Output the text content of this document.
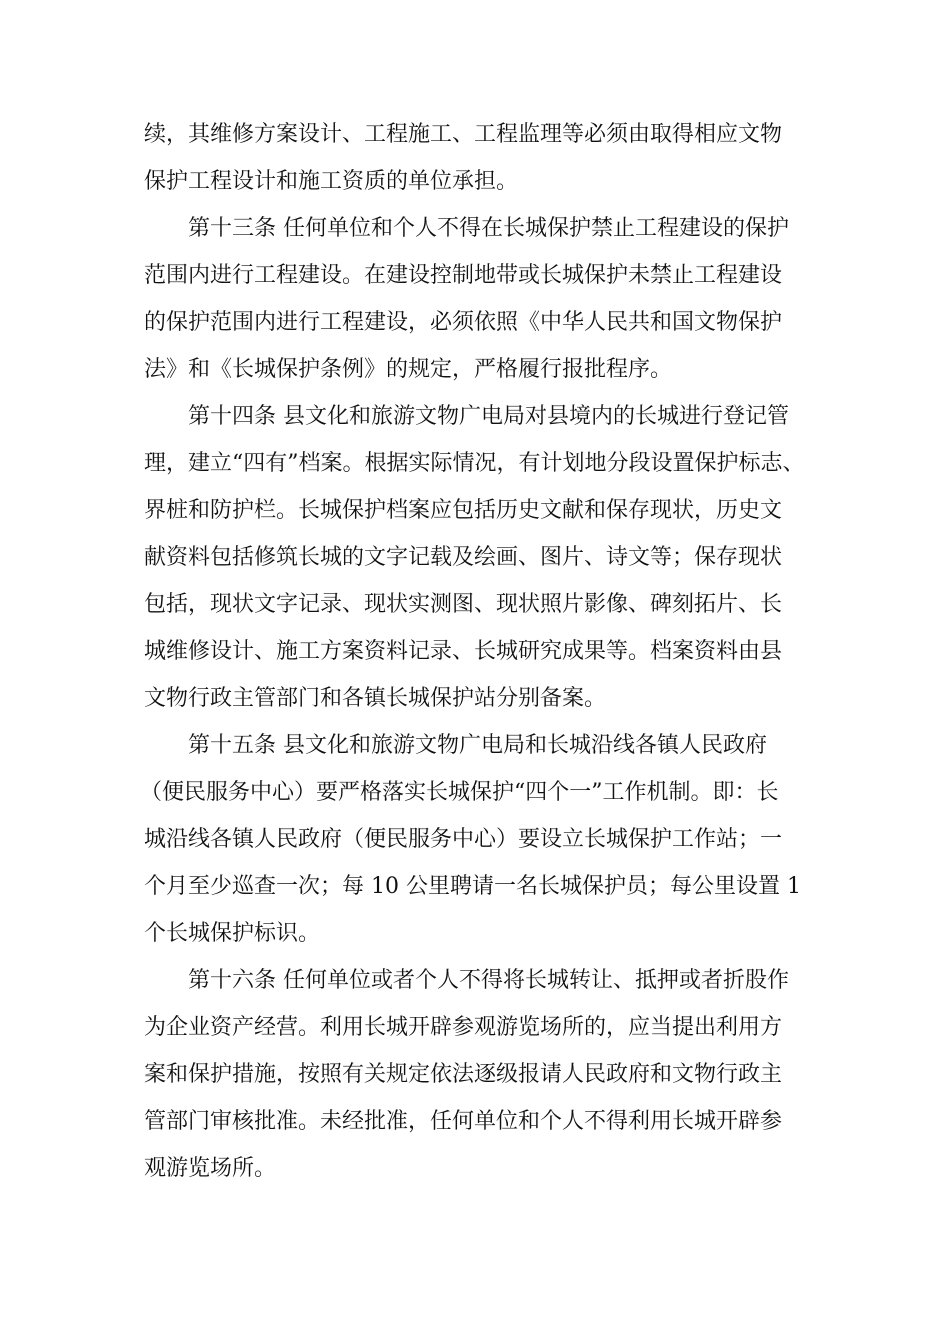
续，其维修方案设计、工程施工、工程监理等必须由取得相应文物
保护工程设计和施工资质的单位承担。
第十三条 任何单位和个人不得在长城保护禁止工程建设的保护
范围内进行工程建设。在建设控制地带或长城保护未禁止工程建设
的保护范围内进行工程建设，必须依照《中华人民共和国文物保护
法》和《长城保护条例》的规定，严格履行报批程序。
第十四条 县文化和旅游文物广电局对县境内的长城进行登记管
理，建立“四有”档案。根据实际情况，有计划地分段设置保护标志、
界桩和防护栏。长城保护档案应包括历史文献和保存现状，历史文
献资料包括修筑长城的文字记载及绘画、图片、诗文等；保存现状
包括，现状文字记录、现状实测图、现状照片影像、碑刻拓片、长
城维修设计、施工方案资料记录、长城研究成果等。档案资料由县
文物行政主管部门和各镇长城保护站分别备案。
第十五条 县文化和旅游文物广电局和长城沿线各镇人民政府
（便民服务中心）要严格落实长城保护“四个一”工作机制。即：长
城沿线各镇人民政府（便民服务中心）要设立长城保护工作站；一
个月至少巡查一次；每 10 公里聘请一名长城保护员；每公里设置 1
个长城保护标识。
第十六条 任何单位或者个人不得将长城转让、抵押或者折股作
为企业资产经营。利用长城开辟参观游览场所的，应当提出利用方
案和保护措施，按照有关规定依法逐级报请人民政府和文物行政主
管部门审核批准。未经批准，任何单位和个人不得利用长城开辟参
观游览场所。
